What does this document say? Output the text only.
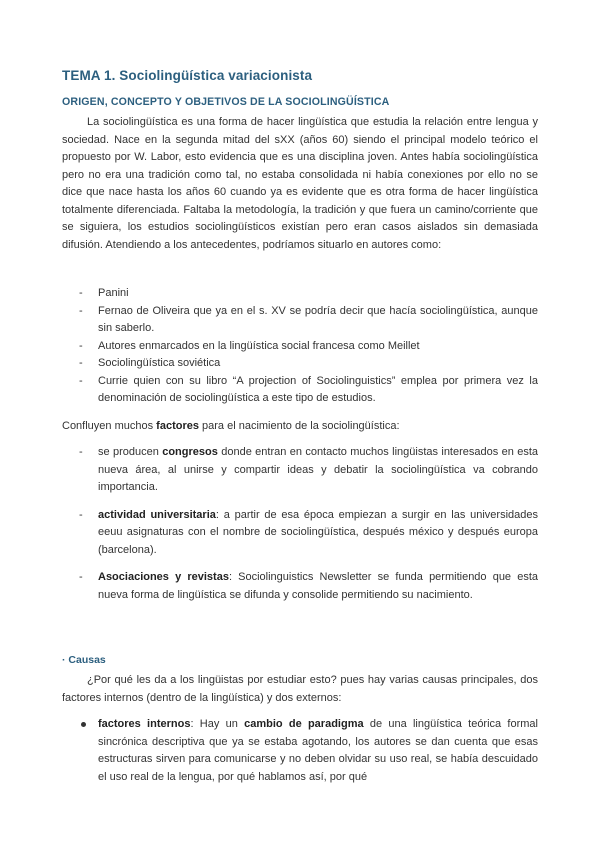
TEMA 1. Sociolingüística variacionista
ORIGEN, CONCEPTO Y OBJETIVOS DE LA SOCIOLINGÜÍSTICA

La sociolingüística es una forma de hacer lingüística que estudia la relación entre lengua y sociedad. Nace en la segunda mitad del sXX (años 60) siendo el principal modelo teórico el propuesto por W. Labor, esto evidencia que es una disciplina joven. Antes había sociolingüística pero no era una tradición como tal, no estaba consolidada ni había conexiones por ello no se dice que nace hasta los años 60 cuando ya es evidente que es otra forma de hacer lingüística totalmente diferenciada. Faltaba la metodología, la tradición y que fuera un camino/corriente que se siguiera, los estudios sociolingüísticos existían pero eran casos aislados sin demasiada difusión. Atendiendo a los antecedentes, podríamos situarlo en autores como:

- Panini
- Fernao de Oliveira que ya en el s. XV se podría decir que hacía sociolingüística, aunque sin saberlo.
- Autores enmarcados en la lingüística social francesa como Meillet
- Sociolingüística soviética
- Currie quien con su libro “A projection of Sociolinguistics” emplea por primera vez la denominación de sociolingüística a este tipo de estudios.

Confluyen muchos factores para el nacimiento de la sociolingüística:

- se producen congresos donde entran en contacto muchos lingüistas interesados en esta nueva área, al unirse y compartir ideas y debatir la sociolingüística va cobrando importancia.
- actividad universitaria: a partir de esa época empiezan a surgir en las universidades eeuu asignaturas con el nombre de sociolingüística, después méxico y después europa (barcelona).
- Asociaciones y revistas: Sociolinguistics Newsletter se funda permitiendo que esta nueva forma de lingüística se difunda y consolide permitiendo su nacimiento.
· Causas

¿Por qué les da a los lingüistas por estudiar esto? pues hay varias causas principales, dos factores internos (dentro de la lingüística) y dos externos:

factores internos: Hay un cambio de paradigma de una lingüística teórica formal sincrónica descriptiva que ya se estaba agotando, los autores se dan cuenta que esas estructuras sirven para comunicarse y no deben olvidar su uso real, se había descuidado el uso real de la lengua, por qué hablamos así, por qué
